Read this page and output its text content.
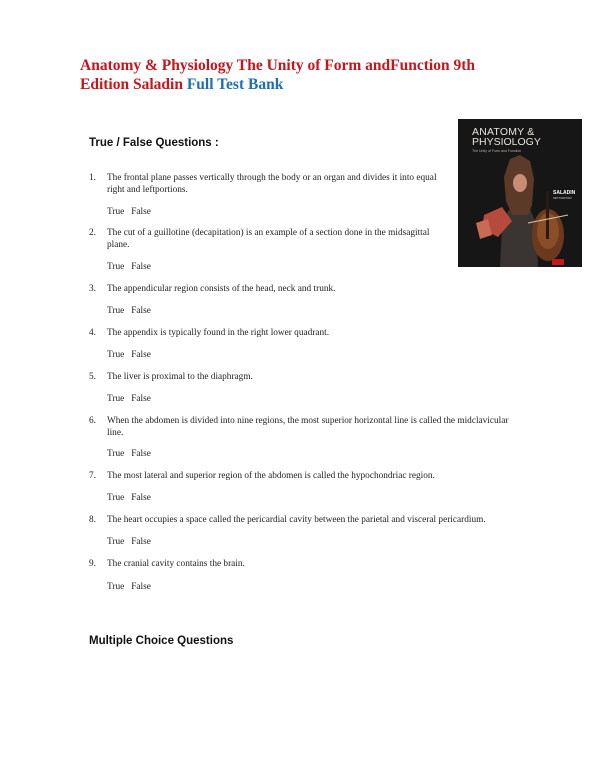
Anatomy & Physiology The Unity of Form andFunction 9th
Edition Saladin Full Test Bank
True / False Questions :

ANATOMY &

PHYSIOLOGY

The Unity of Form and Function

SALADIN

NINTH EDITION

1.	The frontal plane passes vertically through the body or an organ and divides it into equal
right and leftportions.

True   False
2.	The cut of a guillotine (decapitation) is an example of a section done in the midsagittal
plane.

True   False
3.	The appendicular region consists of the head, neck and trunk.

True   False
4.	The appendix is typically found in the right lower quadrant.

True   False
5.	The liver is proximal to the diaphragm.

True   False
6.	When the abdomen is divided into nine regions, the most superior horizontal line is called the midclavicular
line.

True   False
7.	The most lateral and superior region of the abdomen is called the hypochondriac region.

True   False
8.	The heart occupies a space called the pericardial cavity between the parietal and visceral pericardium.

True   False
9.	The cranial cavity contains the brain.

True   False
Multiple Choice Questions
